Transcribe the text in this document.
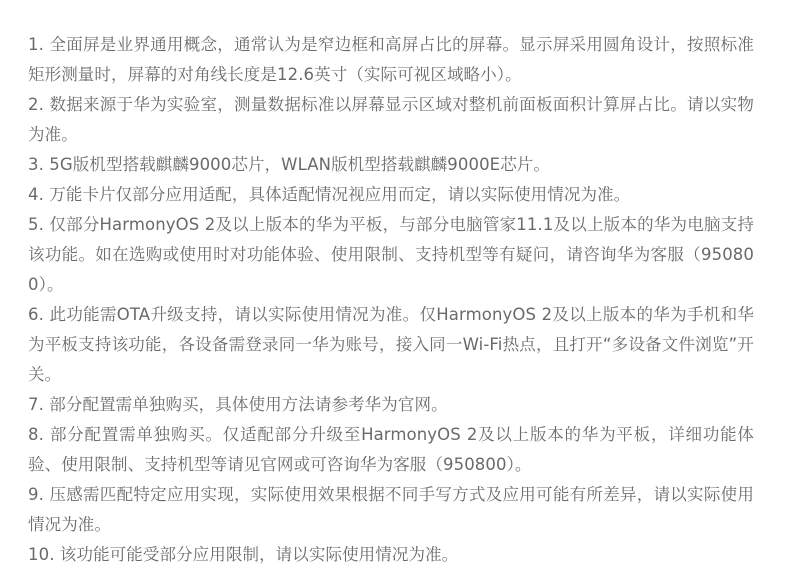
1. 全面屏是业界通用概念，通常认为是窄边框和高屏占比的屏幕。显示屏采用圆角设计，按照标准矩形测量时，屏幕的对角线长度是12.6英寸（实际可视区域略小）。

2. 数据来源于华为实验室，测量数据标准以屏幕显示区域对整机前面板面积计算屏占比。请以实物为准。

3. 5G版机型搭载麒麟9000芯片，WLAN版机型搭载麒麟9000E芯片。

4. 万能卡片仅部分应用适配，具体适配情况视应用而定，请以实际使用情况为准。

5. 仅部分HarmonyOS 2及以上版本的华为平板，与部分电脑管家11.1及以上版本的华为电脑支持该功能。如在选购或使用时对功能体验、使用限制、支持机型等有疑问，请咨询华为客服（950800）。

6. 此功能需OTA升级支持，请以实际使用情况为准。仅HarmonyOS 2及以上版本的华为手机和华为平板支持该功能，各设备需登录同一华为账号，接入同一Wi-Fi热点，且打开“多设备文件浏览”开关。

7. 部分配置需单独购买，具体使用方法请参考华为官网。

8. 部分配置需单独购买。仅适配部分升级至HarmonyOS 2及以上版本的华为平板，详细功能体验、使用限制、支持机型等请见官网或可咨询华为客服（950800）。

9. 压感需匹配特定应用实现，实际使用效果根据不同手写方式及应用可能有所差异，请以实际使用情况为准。

10. 该功能可能受部分应用限制，请以实际使用情况为准。
